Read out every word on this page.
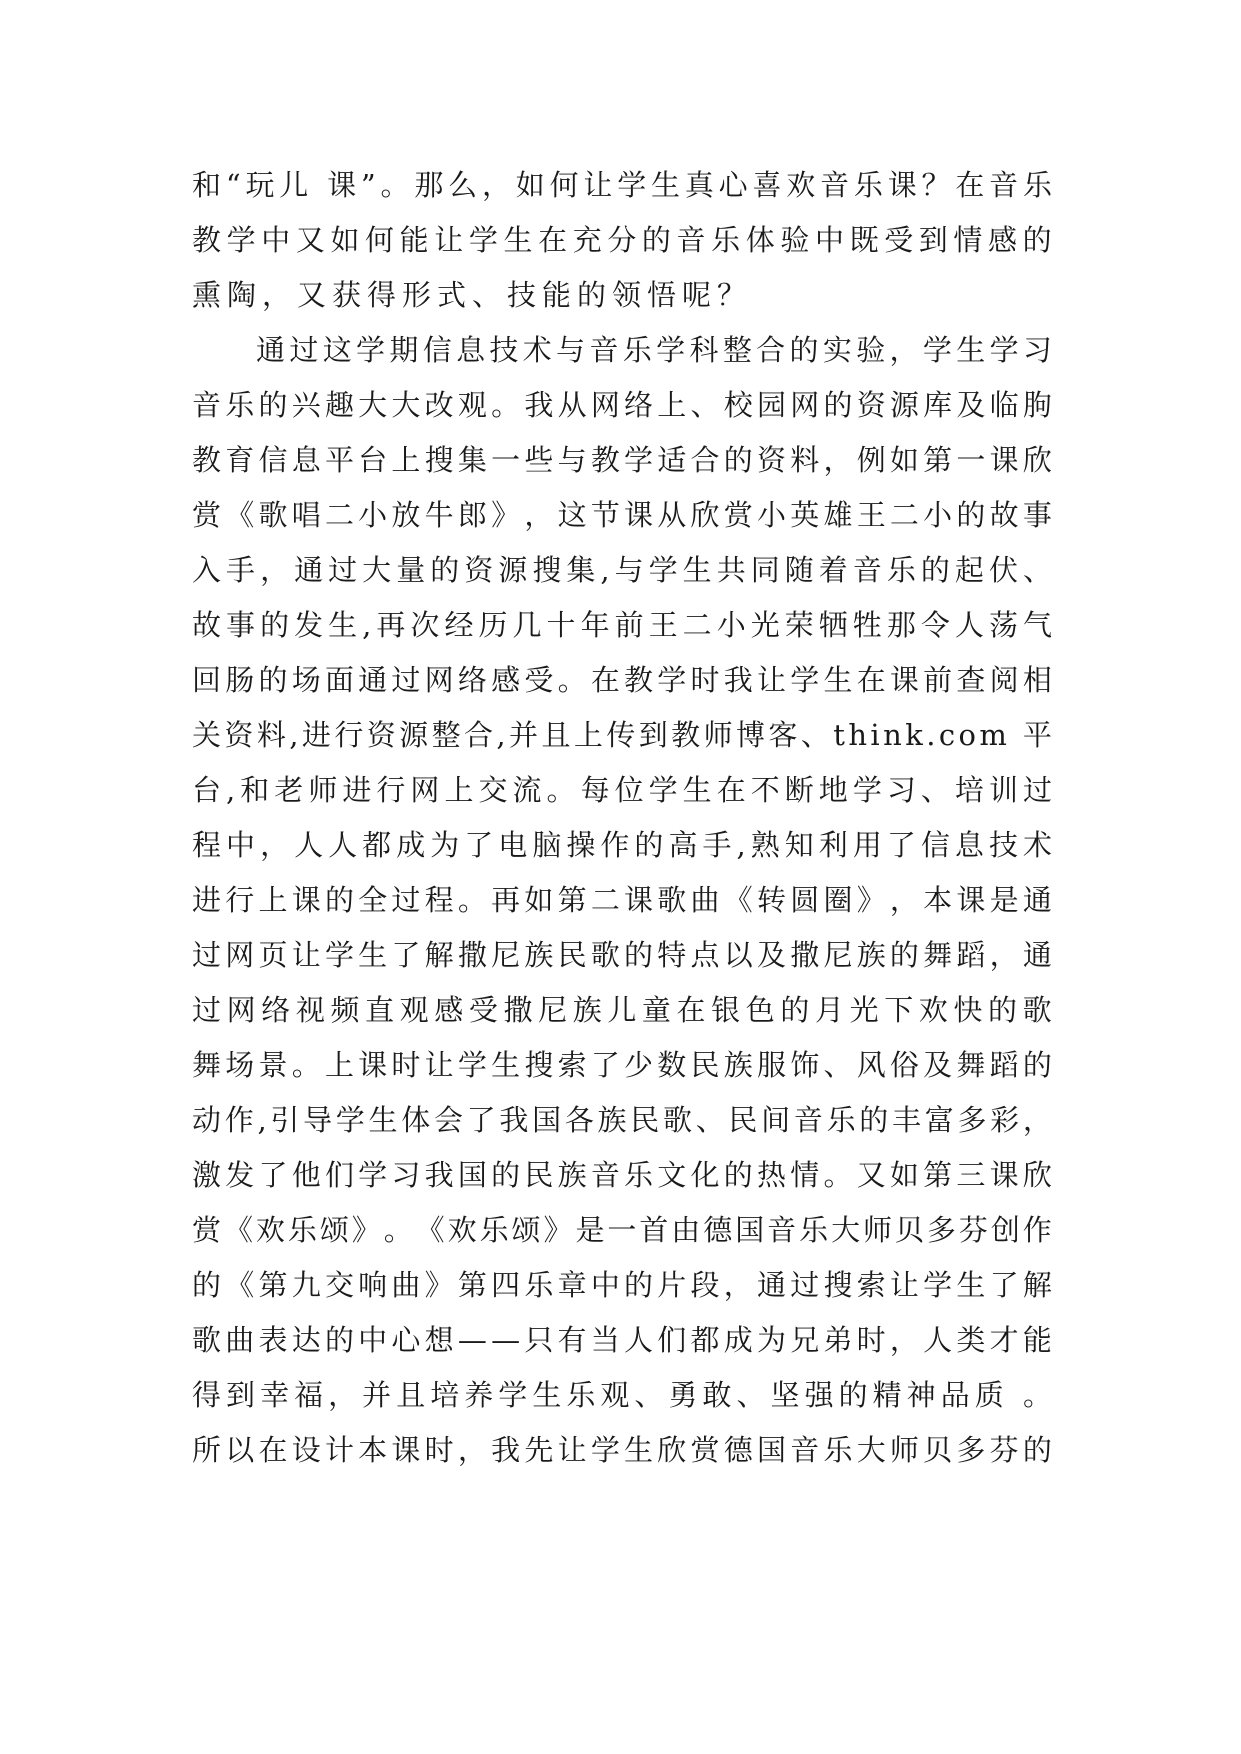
和 “ 玩 儿
课 ” 。 那 么 ， 如 何 让 学 生 真 心 喜 欢 音 乐 课 ？ 在 音 乐
教 学 中 又 如 何 能 让 学 生 在 充 分 的 音 乐 体 验 中 既 受 到 情 感 的
熏陶，又获得形式、技能的领悟呢？
通 过 这 学 期 信 息 技 术 与 音 乐 学 科 整 合 的 实 验 ， 学 生 学 习
音 乐 的 兴 趣 大 大 改 观 。 我 从 网 络 上 、 校 园 网 的 资 源 库 及 临 朐
教 育 信 息 平 台 上 搜 集 一 些 与 教 学 适 合 的 资 料 ， 例 如 第 一 课 欣
赏 《 歌 唱 二 小 放 牛 郎 》 ， 这 节 课 从 欣 赏 小 英 雄 王 二 小 的 故 事
入 手 ， 通 过 大 量 的 资 源 搜 集 , 与 学 生 共 同 随 着 音 乐 的 起 伏 、
故 事 的 发 生 , 再 次 经 历 几 十 年 前 王 二 小 光 荣 牺 牲 那 令 人 荡 气
回 肠 的 场 面 通 过 网 络 感 受 。 在 教 学 时 我 让 学 生 在 课 前 查 阅 相
关 资 料 , 进 行 资 源 整 合 , 并 且 上 传 到 教 师 博 客 、 t h i n k . c o m
平
台 , 和 老 师 进 行 网 上 交 流 。 每 位 学 生 在 不 断 地 学 习 、 培 训 过
程 中 ， 人 人 都 成 为 了 电 脑 操 作 的 高 手 , 熟 知 利 用 了 信 息 技 术
进 行 上 课 的 全 过 程 。 再 如 第 二 课 歌 曲 《 转 圆 圈 》 ， 本 课 是 通
过 网 页 让 学 生 了 解 撒 尼 族 民 歌 的 特 点 以 及 撒 尼 族 的 舞 蹈 ， 通
过 网 络 视 频 直 观 感 受 撒 尼 族 儿 童 在 银 色 的 月 光 下 欢 快 的 歌
舞 场 景 。 上 课 时 让 学 生 搜 索 了 少 数 民 族 服 饰 、 风 俗 及 舞 蹈 的
动 作 , 引 导 学 生 体 会 了 我 国 各 族 民 歌 、 民 间 音 乐 的 丰 富 多 彩 ，
激 发 了 他 们 学 习 我 国 的 民 族 音 乐 文 化 的 热 情 。 又 如 第 三 课 欣
赏 《 欢 乐 颂 》 。 《 欢 乐 颂 》 是 一 首 由 德 国 音 乐 大 师 贝 多 芬 创 作
的 《 第 九 交 响 曲 》 第 四 乐 章 中 的 片 段 ， 通 过 搜 索 让 学 生 了 解
歌 曲 表 达 的 中 心 想 — — 只 有 当 人 们 都 成 为 兄 弟 时 ， 人 类 才 能
得 到 幸 福 ， 并 且 培 养 学 生 乐 观 、 勇 敢 、 坚 强 的 精 神 品 质
。
所 以 在 设 计 本 课 时 ， 我 先 让 学 生 欣 赏 德 国 音 乐 大 师 贝 多 芬 的
